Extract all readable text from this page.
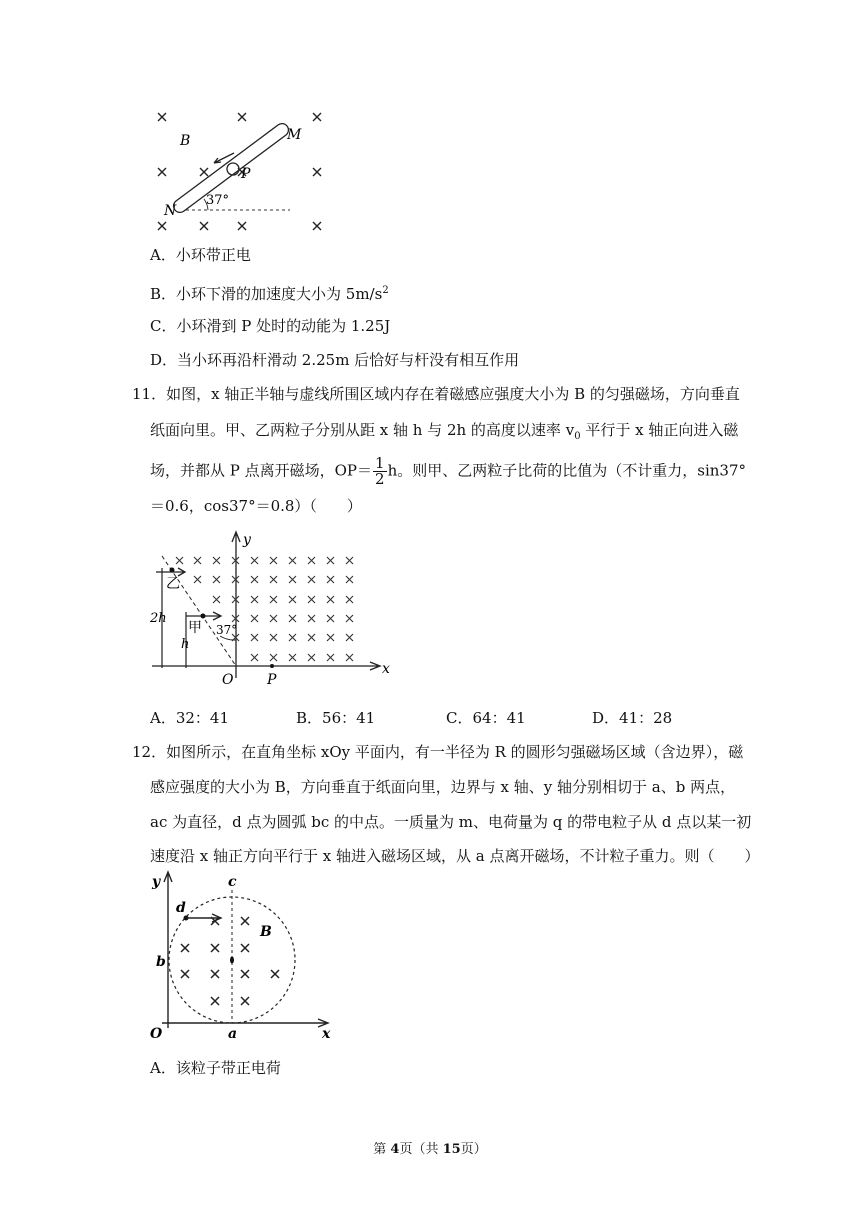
B	M
P
N
37°
A．小环带正电
B．小环下滑的加速度大小为 $5m/s^2$
C．小环滑到 P 处时的动能为 1.25J
D．当小环再沿杆滑动 2.25m 后恰好与杆没有相互作用
11．如图，x 轴正半轴与虚线所围区域内存在着磁感应强度大小为 B 的匀强磁场，方向垂直
纸面向里。甲、乙两粒子分别从距 x 轴 h 与 2h 的高度以速率 $v_0$ 平行于 x 轴正向进入磁
场，并都从 P 点离开磁场，$OP= \frac{1}{2}$ h。则甲、乙两粒子比荷的比值为（不计重力，sin37°
＝0.6，cos37°＝0.8）（　　）
y
x
O P
乙
甲
2h
h
37°
A．32：41	B．56：41	C．64：41	D．41：28
12．如图所示，在直角坐标 xOy 平面内，有一半径为 R 的圆形匀强磁场区域（含边界），磁
感应强度的大小为 B，方向垂直于纸面向里，边界与 x 轴、y 轴分别相切于 a、b 两点，
ac 为直径，d 点为圆弧 bc 的中点。一质量为 m、电荷量为 q 的带电粒子从 d 点以某一初
速度沿 x 轴正方向平行于 x 轴进入磁场区域，从 a 点离开磁场，不计粒子重力。则（　　）
y
x
O	a
b
c
d
B
A．该粒子带正电荷
第 4页（共 15页）
